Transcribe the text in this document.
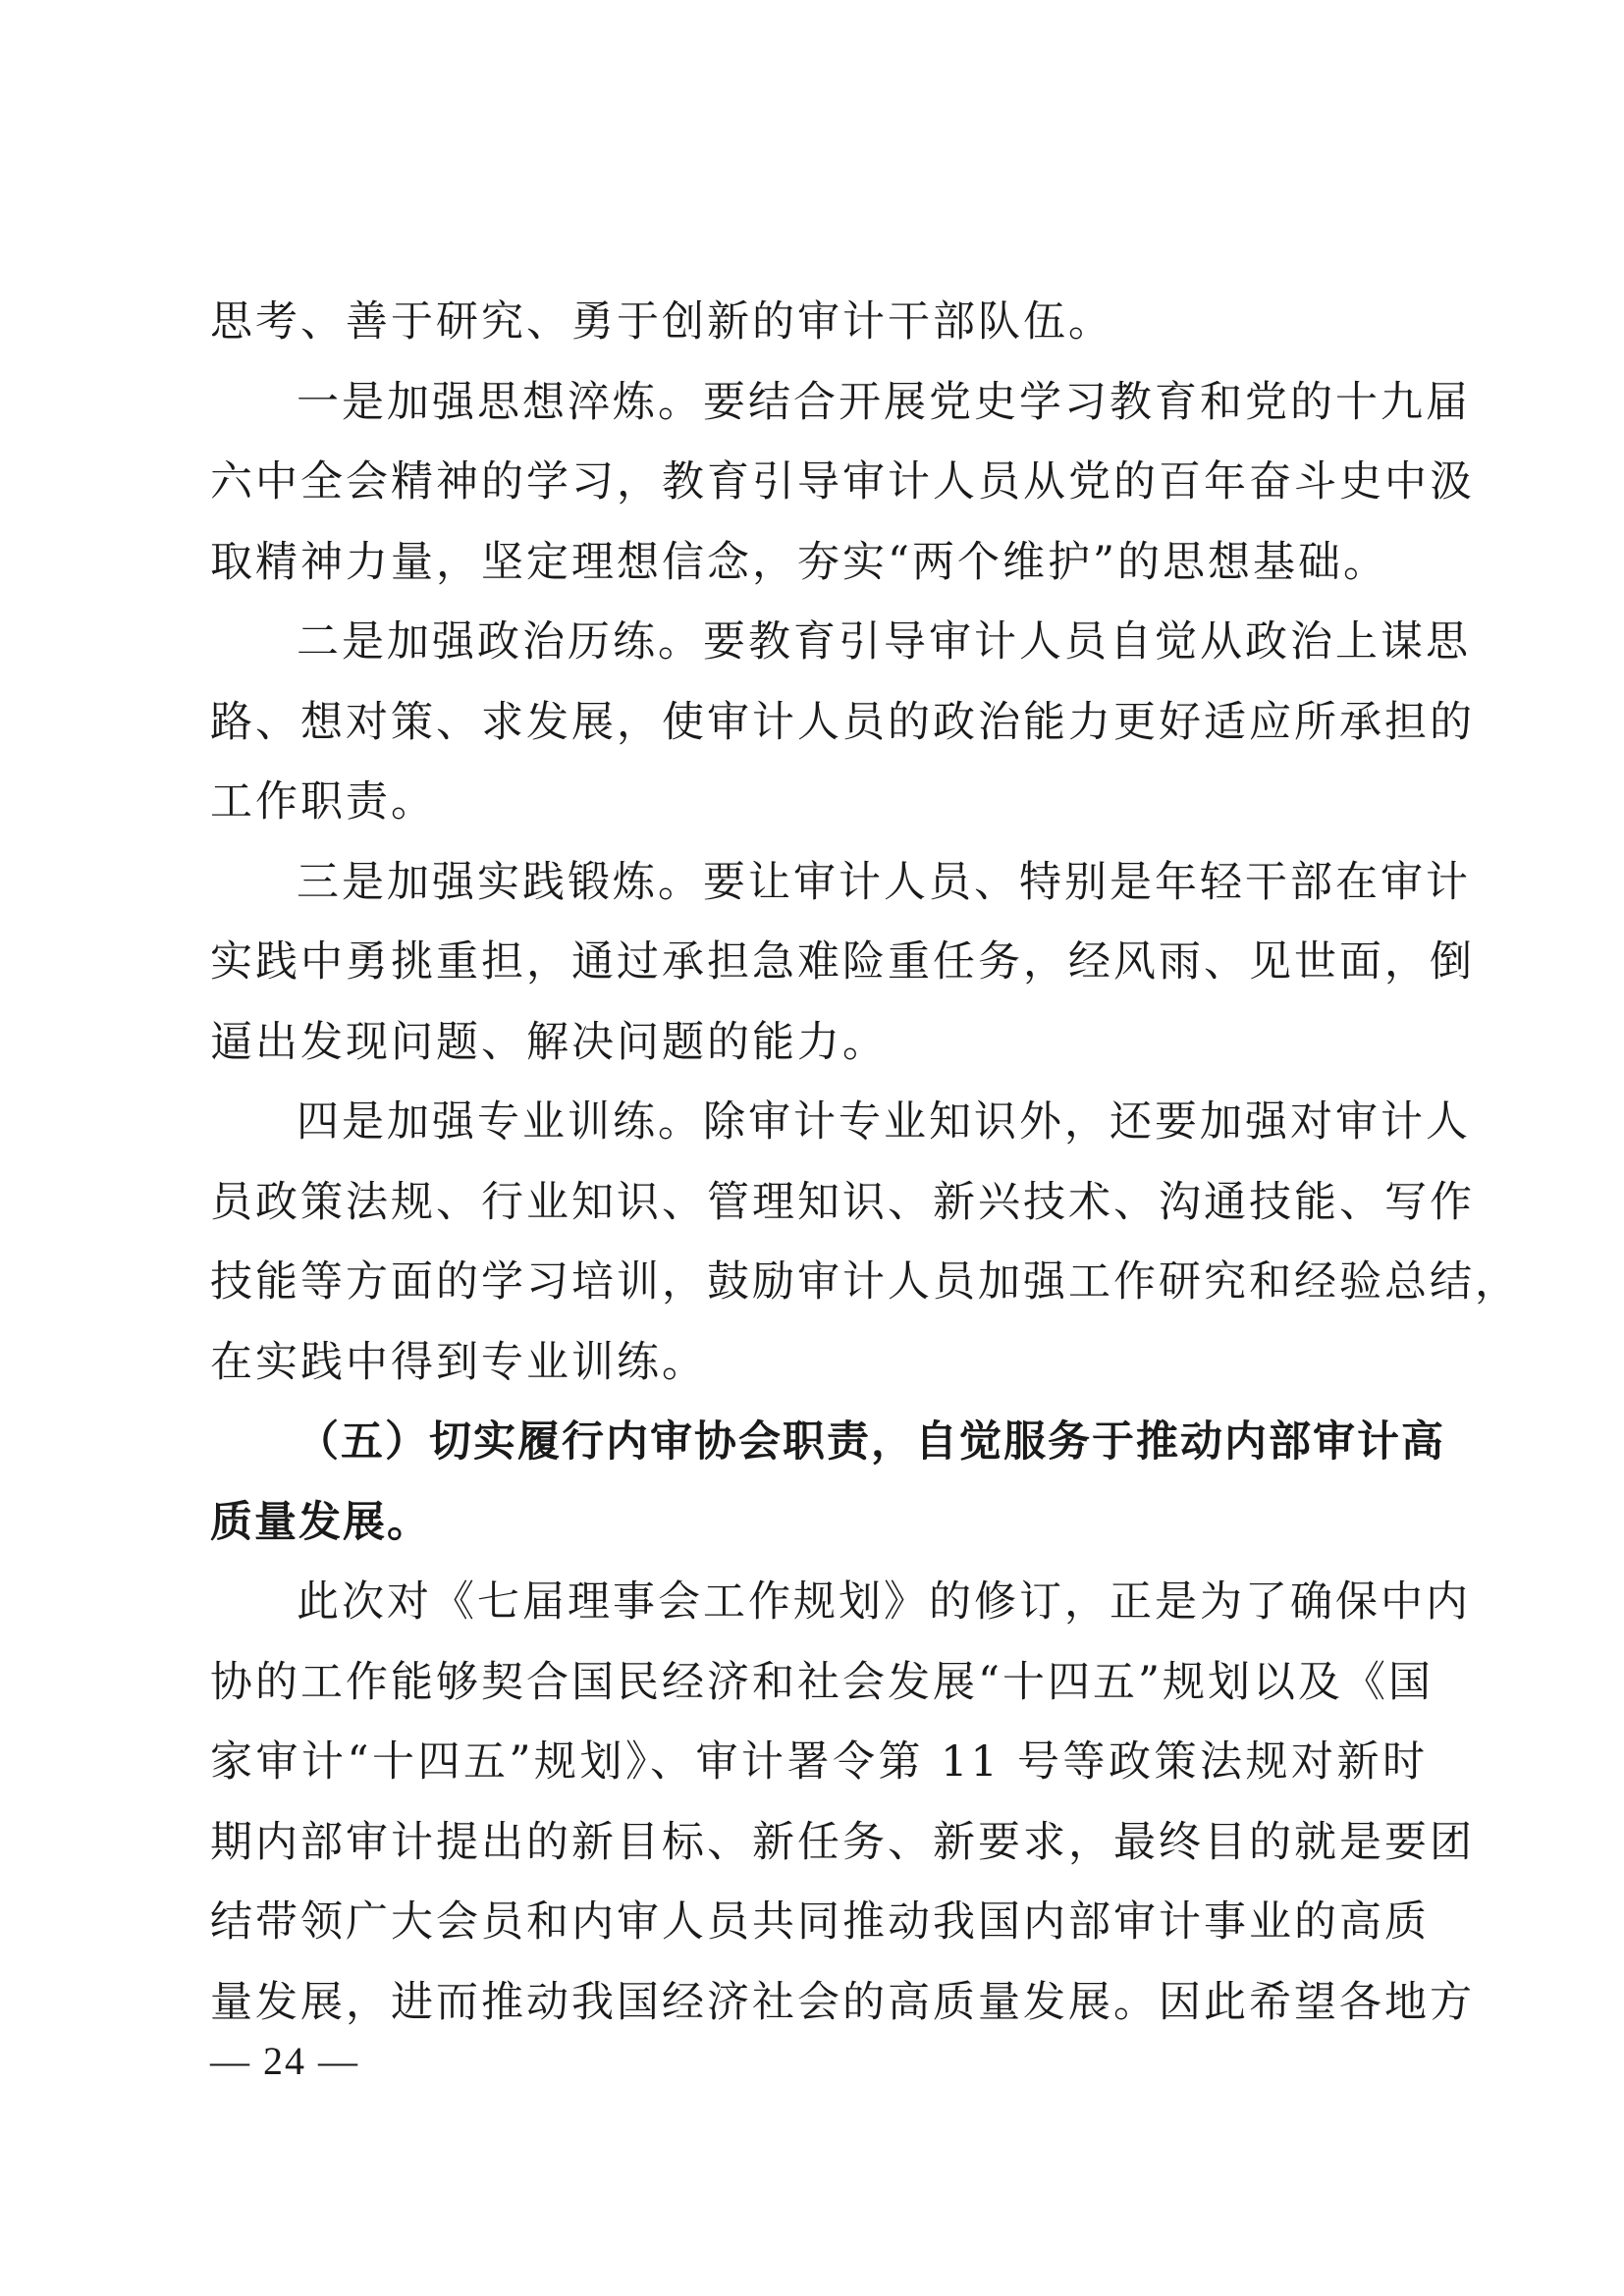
思考、善于研究、勇于创新的审计干部队伍。
一是加强思想淬炼。要结合开展党史学习教育和党的十九届
六中全会精神的学习，教育引导审计人员从党的百年奋斗史中汲
取精神力量，坚定理想信念，夯实“两个维护”的思想基础。
二是加强政治历练。要教育引导审计人员自觉从政治上谋思
路、想对策、求发展，使审计人员的政治能力更好适应所承担的
工作职责。
三是加强实践锻炼。要让审计人员、特别是年轻干部在审计
实践中勇挑重担，通过承担急难险重任务，经风雨、见世面，倒
逼出发现问题、解决问题的能力。
四是加强专业训练。除审计专业知识外，还要加强对审计人
员政策法规、行业知识、管理知识、新兴技术、沟通技能、写作
技能等方面的学习培训，鼓励审计人员加强工作研究和经验总结，
在实践中得到专业训练。
（五）切实履行内审协会职责，自觉服务于推动内部审计高
质量发展。
此次对《七届理事会工作规划》的修订，正是为了确保中内
协的工作能够契合国民经济和社会发展“十四五”规划以及《国
家审计“十四五”规划》、审计署令第 11 号等政策法规对新时
期内部审计提出的新目标、新任务、新要求，最终目的就是要团
结带领广大会员和内审人员共同推动我国内部审计事业的高质
量发展，进而推动我国经济社会的高质量发展。因此希望各地方
— 24 —
